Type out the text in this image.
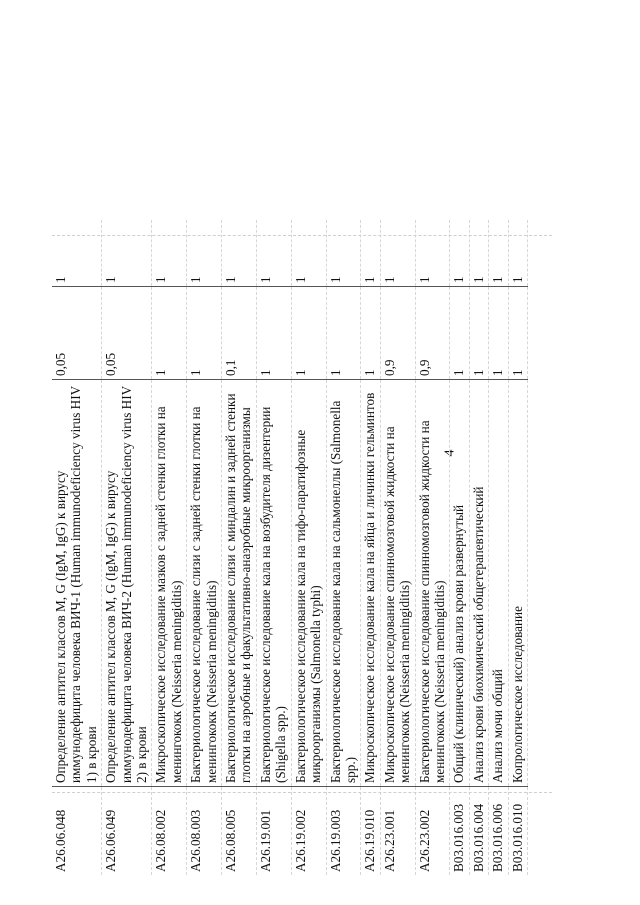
4
A26.06.048	Определение антител классов M, G (IgM, IgG) к вирусу иммунодефицита человека ВИЧ-1 (Human immunodeficiency virus HIV 1) в крови	0,05	1
A26.06.049	Определение антител классов M, G (IgM, IgG) к вирусу иммунодефицита человека ВИЧ-2 (Human immunodeficiency virus HIV 2) в крови	0,05	1
A26.08.002	Микроскопическое исследование мазков с задней стенки глотки на менингококк (Neisseria meningiditis)	1	1
A26.08.003	Бактериологическое исследование слизи с задней стенки глотки на менингококк (Neisseria meningiditis)	1	1
A26.08.005	Бактериологическое исследование слизи с миндалин и задней стенки глотки на аэробные и факультативно-анаэробные микроорганизмы	0,1	1
A26.19.001	Бактериологическое исследование кала на возбудителя дизентерии (Shigella spp.)	1	1
A26.19.002	Бактериологическое исследование кала на тифо-паратифозные микроорганизмы (Salmonella typhi)	1	1
A26.19.003	Бактериологическое исследование кала на сальмонеллы (Salmonella spp.)	1	1
A26.19.010	Микроскопическое исследование кала на яйца и личинки гельминтов	1	1
A26.23.001	Микроскопическое исследование спинномозговой жидкости на менингококк (Neisseria meningiditis)	0,9	1
A26.23.002	Бактериологическое исследование спинномозговой жидкости на менингококк (Neisseria meningiditis)	0,9	1
B03.016.003	Общий (клинический) анализ крови развернутый	1	1
B03.016.004	Анализ крови биохимический общетерапевтический	1	1
B03.016.006	Анализ мочи общий	1	1
B03.016.010	Копрологическое исследование	1	1
